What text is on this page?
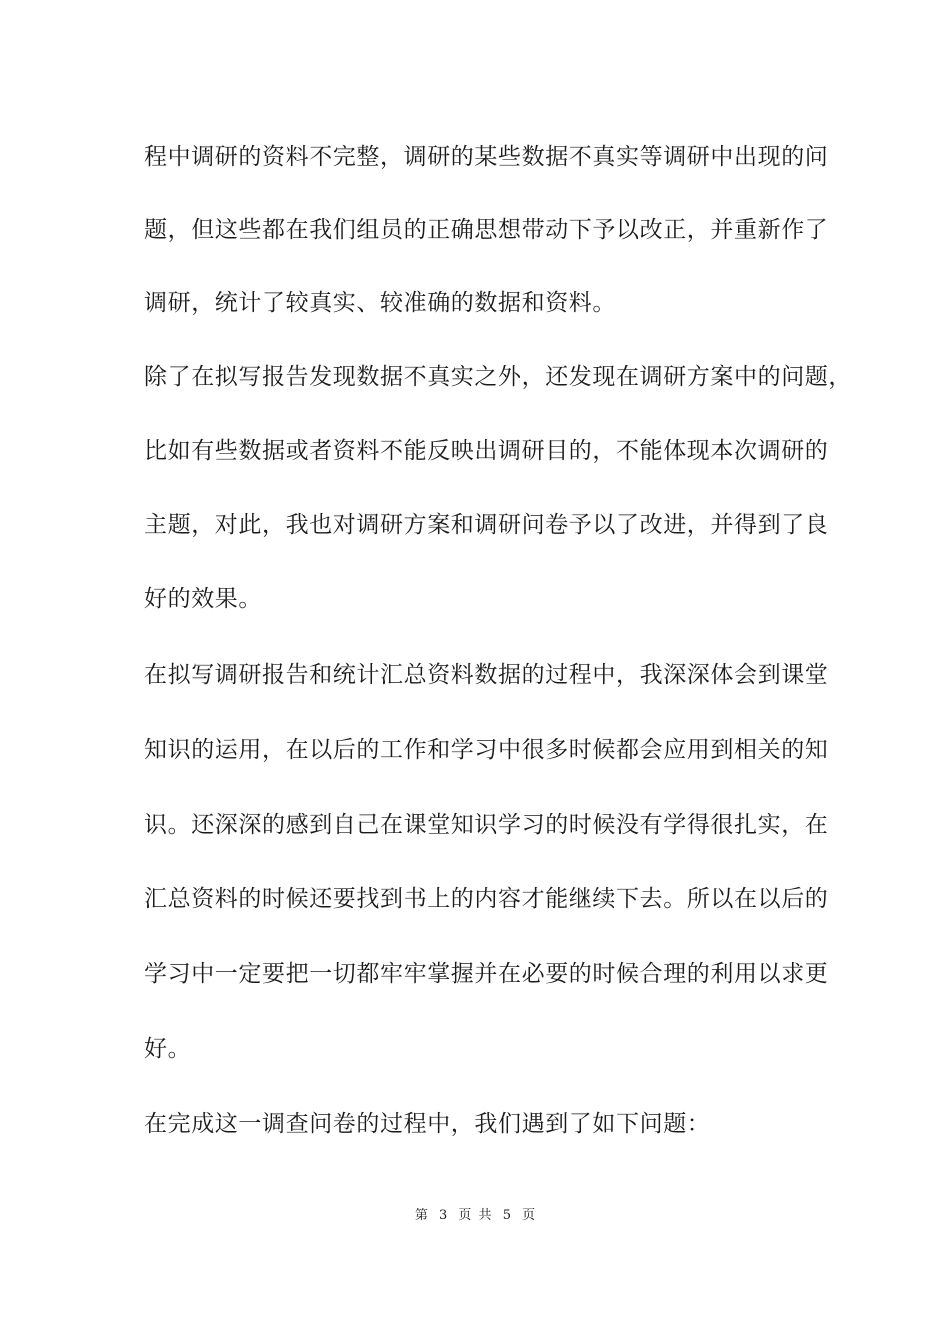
程中调研的资料不完整，调研的某些数据不真实等调研中出现的问
题，但这些都在我们组员的正确思想带动下予以改正，并重新作了
调研，统计了较真实、较准确的数据和资料。
除了在拟写报告发现数据不真实之外，还发现在调研方案中的问题，
比如有些数据或者资料不能反映出调研目的，不能体现本次调研的
主题，对此，我也对调研方案和调研问卷予以了改进，并得到了良
好的效果。
在拟写调研报告和统计汇总资料数据的过程中，我深深体会到课堂
知识的运用，在以后的工作和学习中很多时候都会应用到相关的知
识。还深深的感到自己在课堂知识学习的时候没有学得很扎实，在
汇总资料的时候还要找到书上的内容才能继续下去。所以在以后的
学习中一定要把一切都牢牢掌握并在必要的时候合理的利用以求更
好。
在完成这一调查问卷的过程中，我们遇到了如下问题：
第 3 页 共 5 页
